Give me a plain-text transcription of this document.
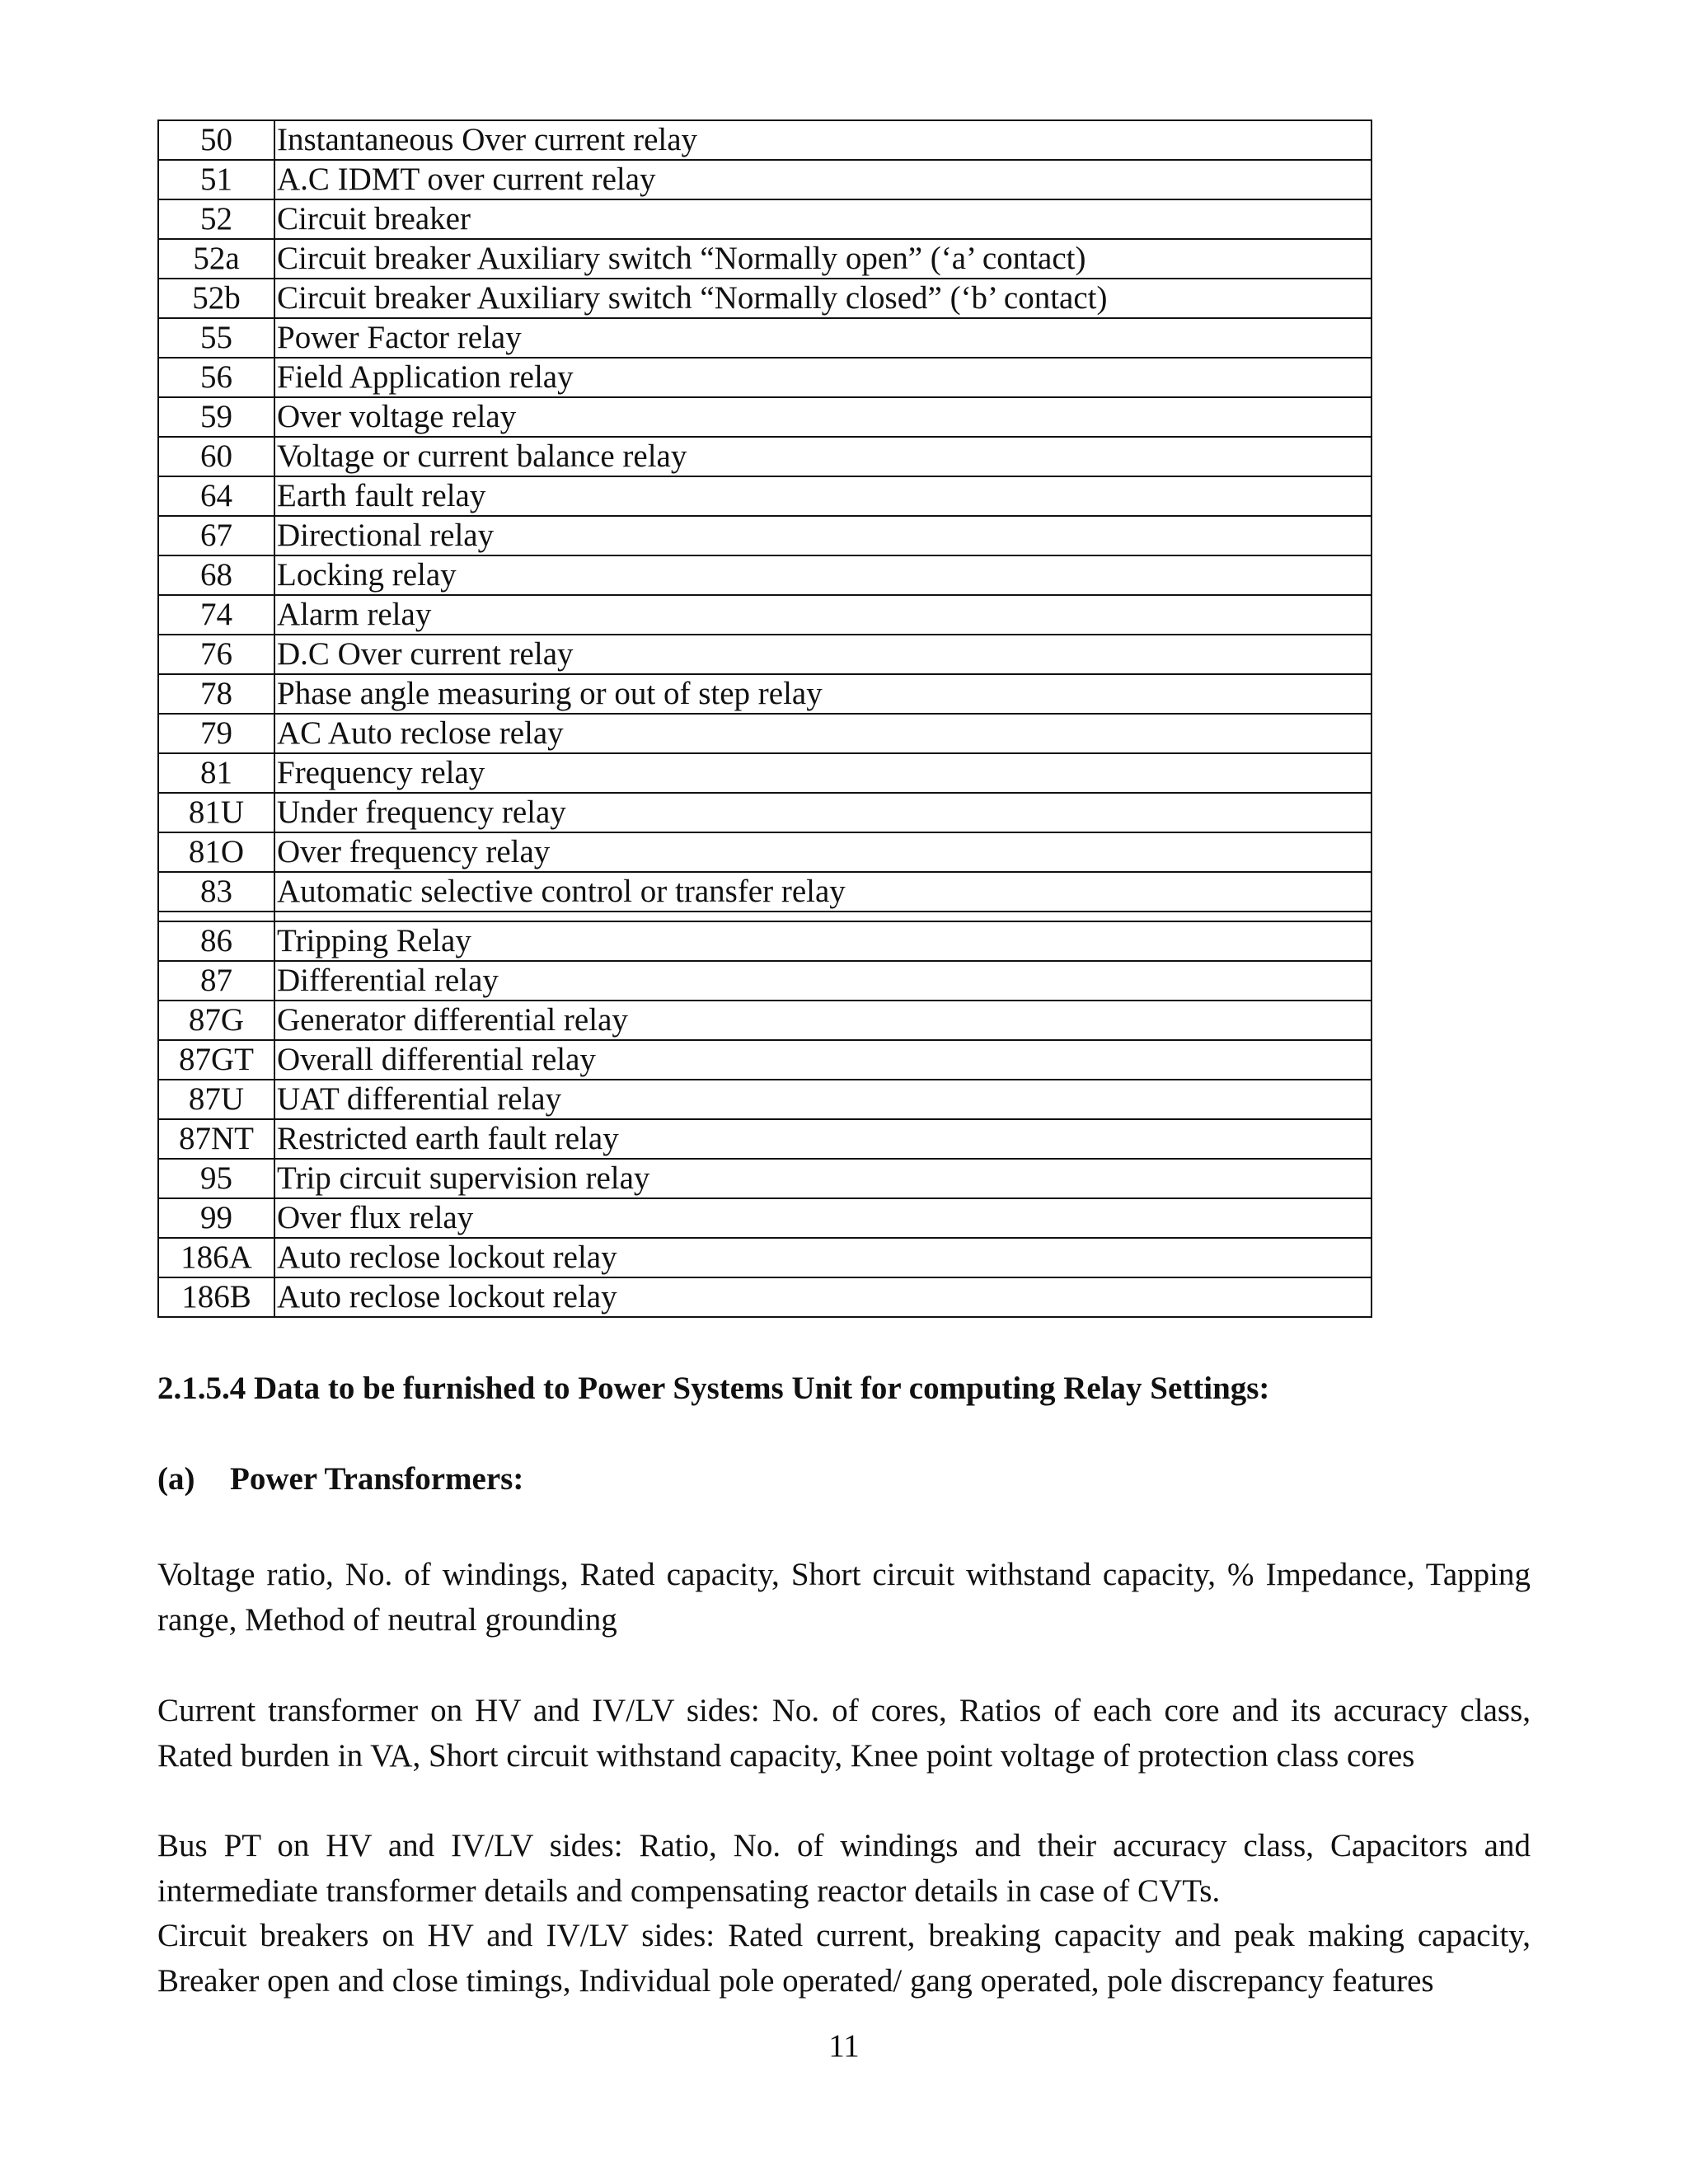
50	Instantaneous Over current relay
51	A.C IDMT over current relay
52	Circuit breaker
52a	Circuit breaker Auxiliary switch “Normally open” (‘a’ contact)
52b	Circuit breaker Auxiliary switch “Normally closed” (‘b’ contact)
55	Power Factor relay
56	Field Application relay
59	Over voltage relay
60	Voltage or current balance relay
64	Earth fault relay
67	Directional relay
68	Locking relay
74	Alarm relay
76	D.C Over current relay
78	Phase angle measuring or out of step relay
79	AC Auto reclose relay
81	Frequency relay
81U	Under frequency relay
81O	Over frequency relay
83	Automatic selective control or transfer relay

86	Tripping Relay
87	Differential relay
87G	Generator differential relay
87GT	Overall differential relay
87U	UAT differential relay
87NT	Restricted earth fault relay
95	Trip circuit supervision relay
99	Over flux relay
186A	Auto reclose lockout relay
186B	Auto reclose lockout relay
2.1.5.4 Data to be furnished to Power Systems Unit for computing Relay Settings:
(a) Power Transformers:
Voltage ratio, No. of windings, Rated capacity, Short circuit withstand capacity, % Impedance, Tapping range, Method of neutral grounding
Current transformer on HV and IV/LV sides: No. of cores, Ratios of each core and its accuracy class, Rated burden in VA, Short circuit withstand capacity, Knee point voltage of protection class cores
Bus PT on HV and IV/LV sides: Ratio, No. of windings and their accuracy class, Capacitors and intermediate transformer details and compensating reactor details in case of CVTs.
Circuit breakers on HV and IV/LV sides: Rated current, breaking capacity and peak making capacity, Breaker open and close timings, Individual pole operated/ gang operated, pole discrepancy features
11
